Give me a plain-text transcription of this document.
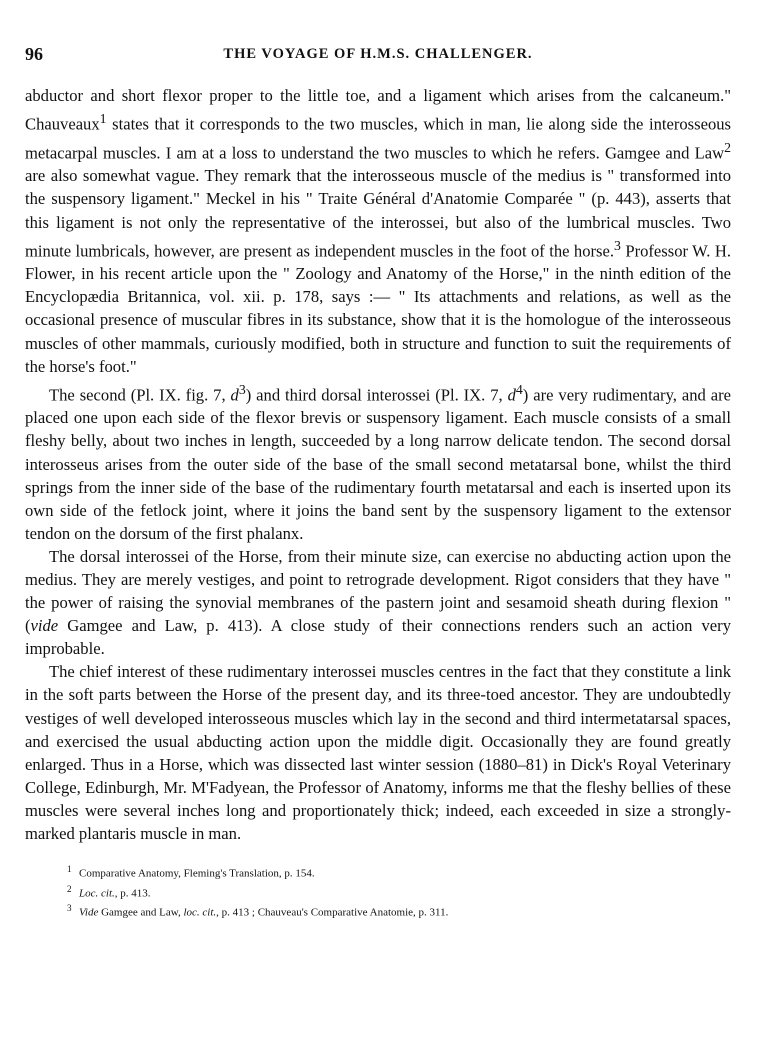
96	THE VOYAGE OF H.M.S. CHALLENGER.

abductor and short flexor proper to the little toe, and a ligament which arises from the calcaneum." Chauveaux$^1$ states that it corresponds to the two muscles, which in man, lie along side the interosseous metacarpal muscles. I am at a loss to understand the two muscles to which he refers. Gamgee and Law$^2$ are also somewhat vague. They remark that the interosseous muscle of the medius is " transformed into the suspensory ligament." Meckel in his " Traite Général d'Anatomie Comparée " (p. 443), asserts that this ligament is not only the representative of the interossei, but also of the lumbrical muscles. Two minute lumbricals, however, are present as independent muscles in the foot of the horse.$^3$ Professor W. H. Flower, in his recent article upon the " Zoology and Anatomy of the Horse," in the ninth edition of the Encyclopædia Britannica, vol. xii. p. 178, says :— " Its attachments and relations, as well as the occasional presence of muscular fibres in its substance, show that it is the homologue of the interosseous muscles of other mammals, curiously modified, both in structure and function to suit the requirements of the horse's foot."

The second (Pl. IX. fig. 7, $d^3$) and third dorsal interossei (Pl. IX. 7, $d^4$) are very rudimentary, and are placed one upon each side of the flexor brevis or suspensory ligament. Each muscle consists of a small fleshy belly, about two inches in length, succeeded by a long narrow delicate tendon. The second dorsal interosseus arises from the outer side of the base of the small second metatarsal bone, whilst the third springs from the inner side of the base of the rudimentary fourth metatarsal and each is inserted upon its own side of the fetlock joint, where it joins the band sent by the suspensory ligament to the extensor tendon on the dorsum of the first phalanx.

The dorsal interossei of the Horse, from their minute size, can exercise no abducting action upon the medius. They are merely vestiges, and point to retrograde development. Rigot considers that they have " the power of raising the synovial membranes of the pastern joint and sesamoid sheath during flexion " (vide Gamgee and Law, p. 413). A close study of their connections renders such an action very improbable.

The chief interest of these rudimentary interossei muscles centres in the fact that they constitute a link in the soft parts between the Horse of the present day, and its three-toed ancestor. They are undoubtedly vestiges of well developed interosseous muscles which lay in the second and third intermetatarsal spaces, and exercised the usual abducting action upon the middle digit. Occasionally they are found greatly enlarged. Thus in a Horse, which was dissected last winter session (1880–81) in Dick's Royal Veterinary College, Edinburgh, Mr. M'Fadyean, the Professor of Anatomy, informs me that the fleshy bellies of these muscles were several inches long and proportionately thick; indeed, each exceeded in size a strongly-marked plantaris muscle in man.

$^1$ Comparative Anatomy, Fleming's Translation, p. 154.

$^2$ Loc. cit., p. 413.

$^3$ Vide Gamgee and Law, loc. cit., p. 413 ; Chauveau's Comparative Anatomie, p. 311.
